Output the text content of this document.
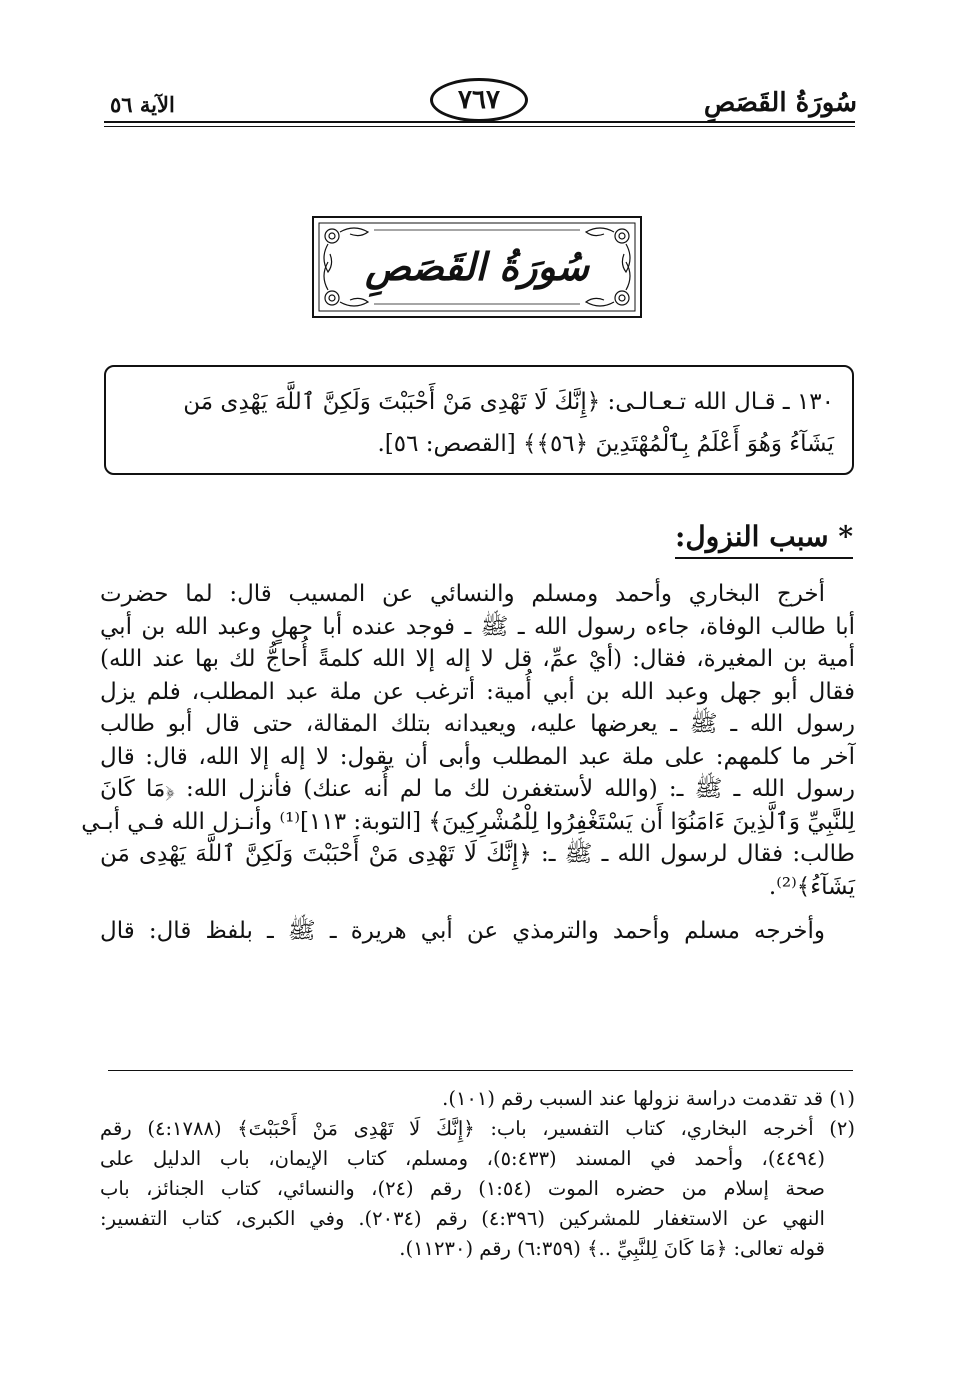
سُورَةُ القَصَصِ
٧٦٧
الآية ٥٦
سُورَةُ القَصَصِ
١٣٠ ـ قـال الله تـعـالـى: ﴿إِنَّكَ لَا تَهْدِى مَنْ أَحْبَبْتَ وَلَكِنَّ ٱللَّهَ يَهْدِى مَن
يَشَآءُ وَهُوَ أَعْلَمُ بِٱلْمُهْتَدِينَ ﴿٥٦﴾﴾ [القصص: ٥٦].
* سبب النزول:
أخرج البخاري وأحمد ومسلم والنسائي عن المسيب قال: لما حضرت
أبا طالب الوفاة، جاءه رسول الله ـ ﷺ ـ فوجد عنده أبا جهلٍ وعبد الله بن أبي
أمية بن المغيرة، فقال: (أيْ عمِّ، قل لا إله إلا الله كلمةً أُحاجُّ لك بها عند الله)
فقال أبو جهل وعبد الله بن أبي أُمية: أترغب عن ملة عبد المطلب، فلم يزل
رسول الله ـ ﷺ ـ يعرضها عليه، ويعيدانه بتلك المقالة، حتى قال أبو طالب
آخر ما كلمهم: على ملة عبد المطلب وأبى أن يقول: لا إله إلا الله، قال: قال
رسول الله ـ ﷺ ـ: (والله لأستغفرن لك ما لم أُنه عنك) فأنزل الله: ﴿مَا كَانَ
لِلنَّبِيِّ وَٱلَّذِينَ ءَامَنُوٓا أَن يَسْتَغْفِرُوا لِلْمُشْرِكِينَ﴾ [التوبة: ١١٣]⁽¹⁾ وأنـزل الله فـي أبـي
طالب: فقال لرسول الله ـ ﷺ ـ: ﴿إِنَّكَ لَا تَهْدِى مَنْ أَحْبَبْتَ وَلَكِنَّ ٱللَّهَ يَهْدِى مَن
يَشَآءُ﴾⁽²⁾.
وأخرجه مسلم وأحمد والترمذي عن أبي هريرة ـ ﷺ ـ بلفظ قال: قال
(١) قد تقدمت دراسة نزولها عند السبب رقم (١٠١).
(٢) أخرجه البخاري، كتاب التفسير، باب: ﴿إِنَّكَ لَا تَهْدِى مَنْ أَحْبَبْتَ﴾ (٤:١٧٨٨) رقم
(٤٤٩٤)، وأحمد في المسند (٥:٤٣٣)، ومسلم، كتاب الإيمان، باب الدليل على
صحة إسلام من حضره الموت (١:٥٤) رقم (٢٤)، والنسائي، كتاب الجنائز، باب
النهي عن الاستغفار للمشركين (٤:٣٩٦) رقم (٢٠٣٤). وفي الكبرى، كتاب التفسير:
قوله تعالى: ﴿مَا كَانَ لِلنَّبِيِّ ..﴾ (٦:٣٥٩) رقم (١١٢٣٠).
